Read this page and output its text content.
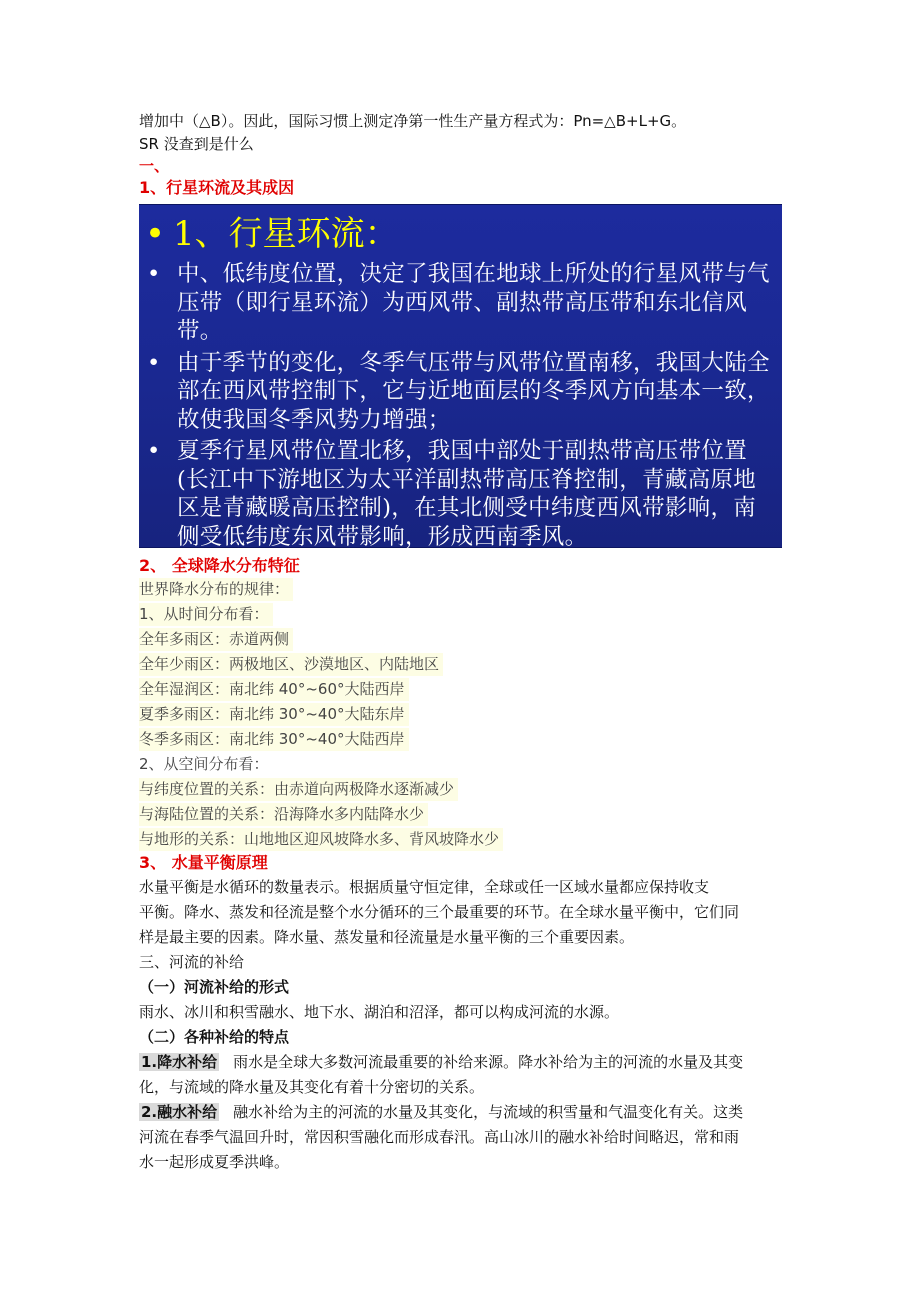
增加中（△B）。因此，国际习惯上测定净第一性生产量方程式为：Pn=△B+L+G。
SR 没查到是什么
一、
1、行星环流及其成因
• 1、行星环流：
• 中、低纬度位置，决定了我国在地球上所处的行星风带与气压带（即行星环流）为西风带、副热带高压带和东北信风带。
• 由于季节的变化，冬季气压带与风带位置南移，我国大陆全部在西风带控制下，它与近地面层的冬季风方向基本一致，故使我国冬季风势力增强；
• 夏季行星风带位置北移，我国中部处于副热带高压带位置(长江中下游地区为太平洋副热带高压脊控制，青藏高原地区是青藏暖高压控制)，在其北侧受中纬度西风带影响，南侧受低纬度东风带影响，形成西南季风。
2、 全球降水分布特征
世界降水分布的规律：
1、从时间分布看：
全年多雨区：赤道两侧
全年少雨区：两极地区、沙漠地区、内陆地区
全年湿润区：南北纬 40°~60°大陆西岸
夏季多雨区：南北纬 30°~40°大陆东岸
冬季多雨区：南北纬 30°~40°大陆西岸
2、从空间分布看：
与纬度位置的关系：由赤道向两极降水逐渐减少
与海陆位置的关系：沿海降水多内陆降水少
与地形的关系：山地地区迎风坡降水多、背风坡降水少
3、 水量平衡原理
水量平衡是水循环的数量表示。根据质量守恒定律，全球或任一区域水量都应保持收支
平衡。降水、蒸发和径流是整个水分循环的三个最重要的环节。在全球水量平衡中，它们同
样是最主要的因素。降水量、蒸发量和径流量是水量平衡的三个重要因素。
三、河流的补给
（一）河流补给的形式
雨水、冰川和积雪融水、地下水、湖泊和沼泽，都可以构成河流的水源。
（二）各种补给的特点
1.降水补给 雨水是全球大多数河流最重要的补给来源。降水补给为主的河流的水量及其变
化，与流域的降水量及其变化有着十分密切的关系。
2.融水补给 融水补给为主的河流的水量及其变化，与流域的积雪量和气温变化有关。这类
河流在春季气温回升时，常因积雪融化而形成春汛。高山冰川的融水补给时间略迟，常和雨
水一起形成夏季洪峰。
